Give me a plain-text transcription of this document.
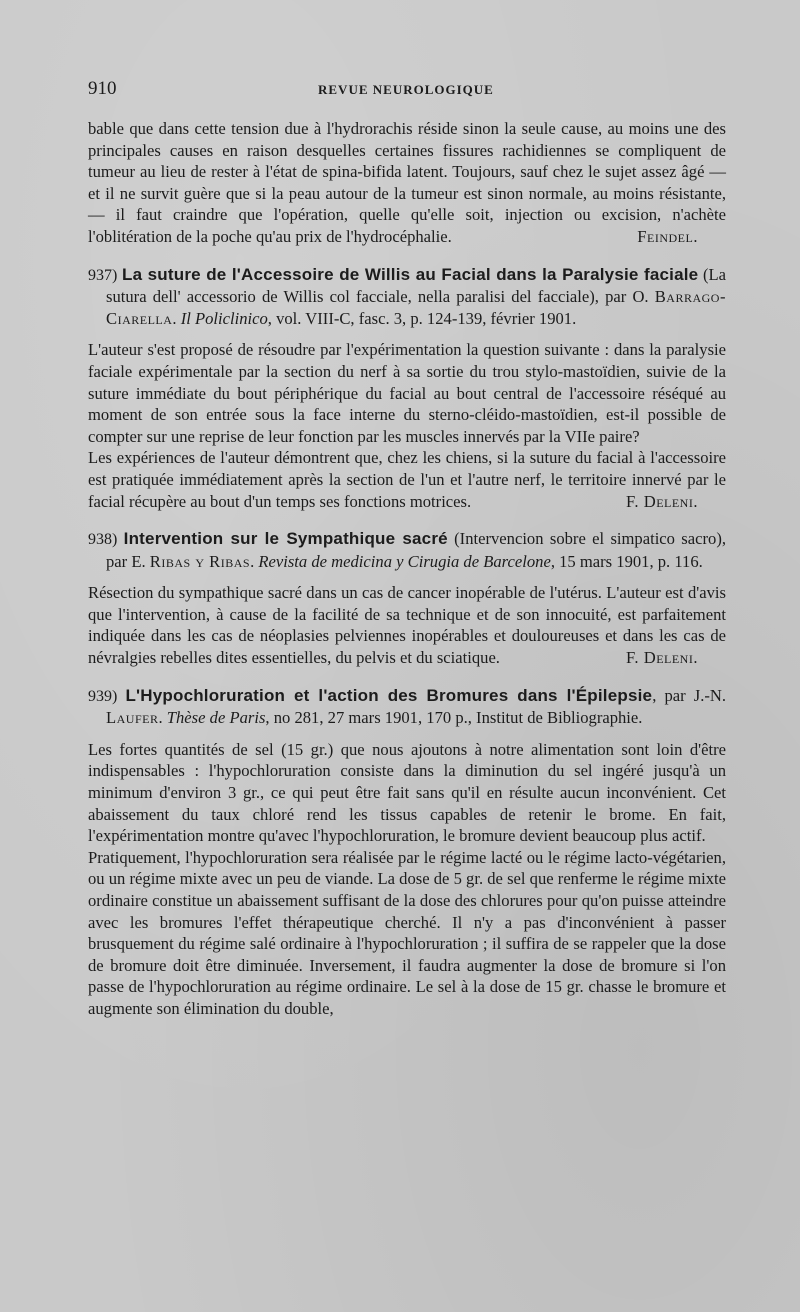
910	REVUE NEUROLOGIQUE

bable que dans cette tension due à l'hydrorachis réside sinon la seule cause, au moins une des principales causes en raison desquelles certaines fissures rachidiennes se compliquent de tumeur au lieu de rester à l'état de spina-bifida latent. Toujours, sauf chez le sujet assez âgé — et il ne survit guère que si la peau autour de la tumeur est sinon normale, au moins résistante, — il faut craindre que l'opération, quelle qu'elle soit, injection ou excision, n'achète l'oblitération de la poche qu'au prix de l'hydrocéphalie.	Feindel.

937) La suture de l'Accessoire de Willis au Facial dans la Paralysie faciale (La sutura dell' accessorio de Willis col facciale, nella paralisi del facciale), par O. Barrago-Ciarella. Il Policlinico, vol. VIII-C, fasc. 3, p. 124-139, février 1901.

L'auteur s'est proposé de résoudre par l'expérimentation la question suivante : dans la paralysie faciale expérimentale par la section du nerf à sa sortie du trou stylo-mastoïdien, suivie de la suture immédiate du bout périphérique du facial au bout central de l'accessoire réséqué au moment de son entrée sous la face interne du sterno-cléido-mastoïdien, est-il possible de compter sur une reprise de leur fonction par les muscles innervés par la VIIe paire?

Les expériences de l'auteur démontrent que, chez les chiens, si la suture du facial à l'accessoire est pratiquée immédiatement après la section de l'un et l'autre nerf, le territoire innervé par le facial récupère au bout d'un temps ses fonctions motrices.	F. Deleni.

938) Intervention sur le Sympathique sacré (Intervencion sobre el simpatico sacro), par E. Ribas y Ribas. Revista de medicina y Cirugia de Barcelone, 15 mars 1901, p. 116.

Résection du sympathique sacré dans un cas de cancer inopérable de l'utérus. L'auteur est d'avis que l'intervention, à cause de la facilité de sa technique et de son innocuité, est parfaitement indiquée dans les cas de néoplasies pelviennes inopérables et douloureuses et dans les cas de névralgies rebelles dites essentielles, du pelvis et du sciatique.	F. Deleni.

939) L'Hypochloruration et l'action des Bromures dans l'Épilepsie, par J.-N. Laufer. Thèse de Paris, no 281, 27 mars 1901, 170 p., Institut de Bibliographie.

Les fortes quantités de sel (15 gr.) que nous ajoutons à notre alimentation sont loin d'être indispensables : l'hypochloruration consiste dans la diminution du sel ingéré jusqu'à un minimum d'environ 3 gr., ce qui peut être fait sans qu'il en résulte aucun inconvénient. Cet abaissement du taux chloré rend les tissus capables de retenir le brome. En fait, l'expérimentation montre qu'avec l'hypochloruration, le bromure devient beaucoup plus actif.

Pratiquement, l'hypochloruration sera réalisée par le régime lacté ou le régime lacto-végétarien, ou un régime mixte avec un peu de viande. La dose de 5 gr. de sel que renferme le régime mixte ordinaire constitue un abaissement suffisant de la dose des chlorures pour qu'on puisse atteindre avec les bromures l'effet thérapeutique cherché. Il n'y a pas d'inconvénient à passer brusquement du régime salé ordinaire à l'hypochloruration ; il suffira de se rappeler que la dose de bromure doit être diminuée. Inversement, il faudra augmenter la dose de bromure si l'on passe de l'hypochloruration au régime ordinaire. Le sel à la dose de 15 gr. chasse le bromure et augmente son élimination du double,
